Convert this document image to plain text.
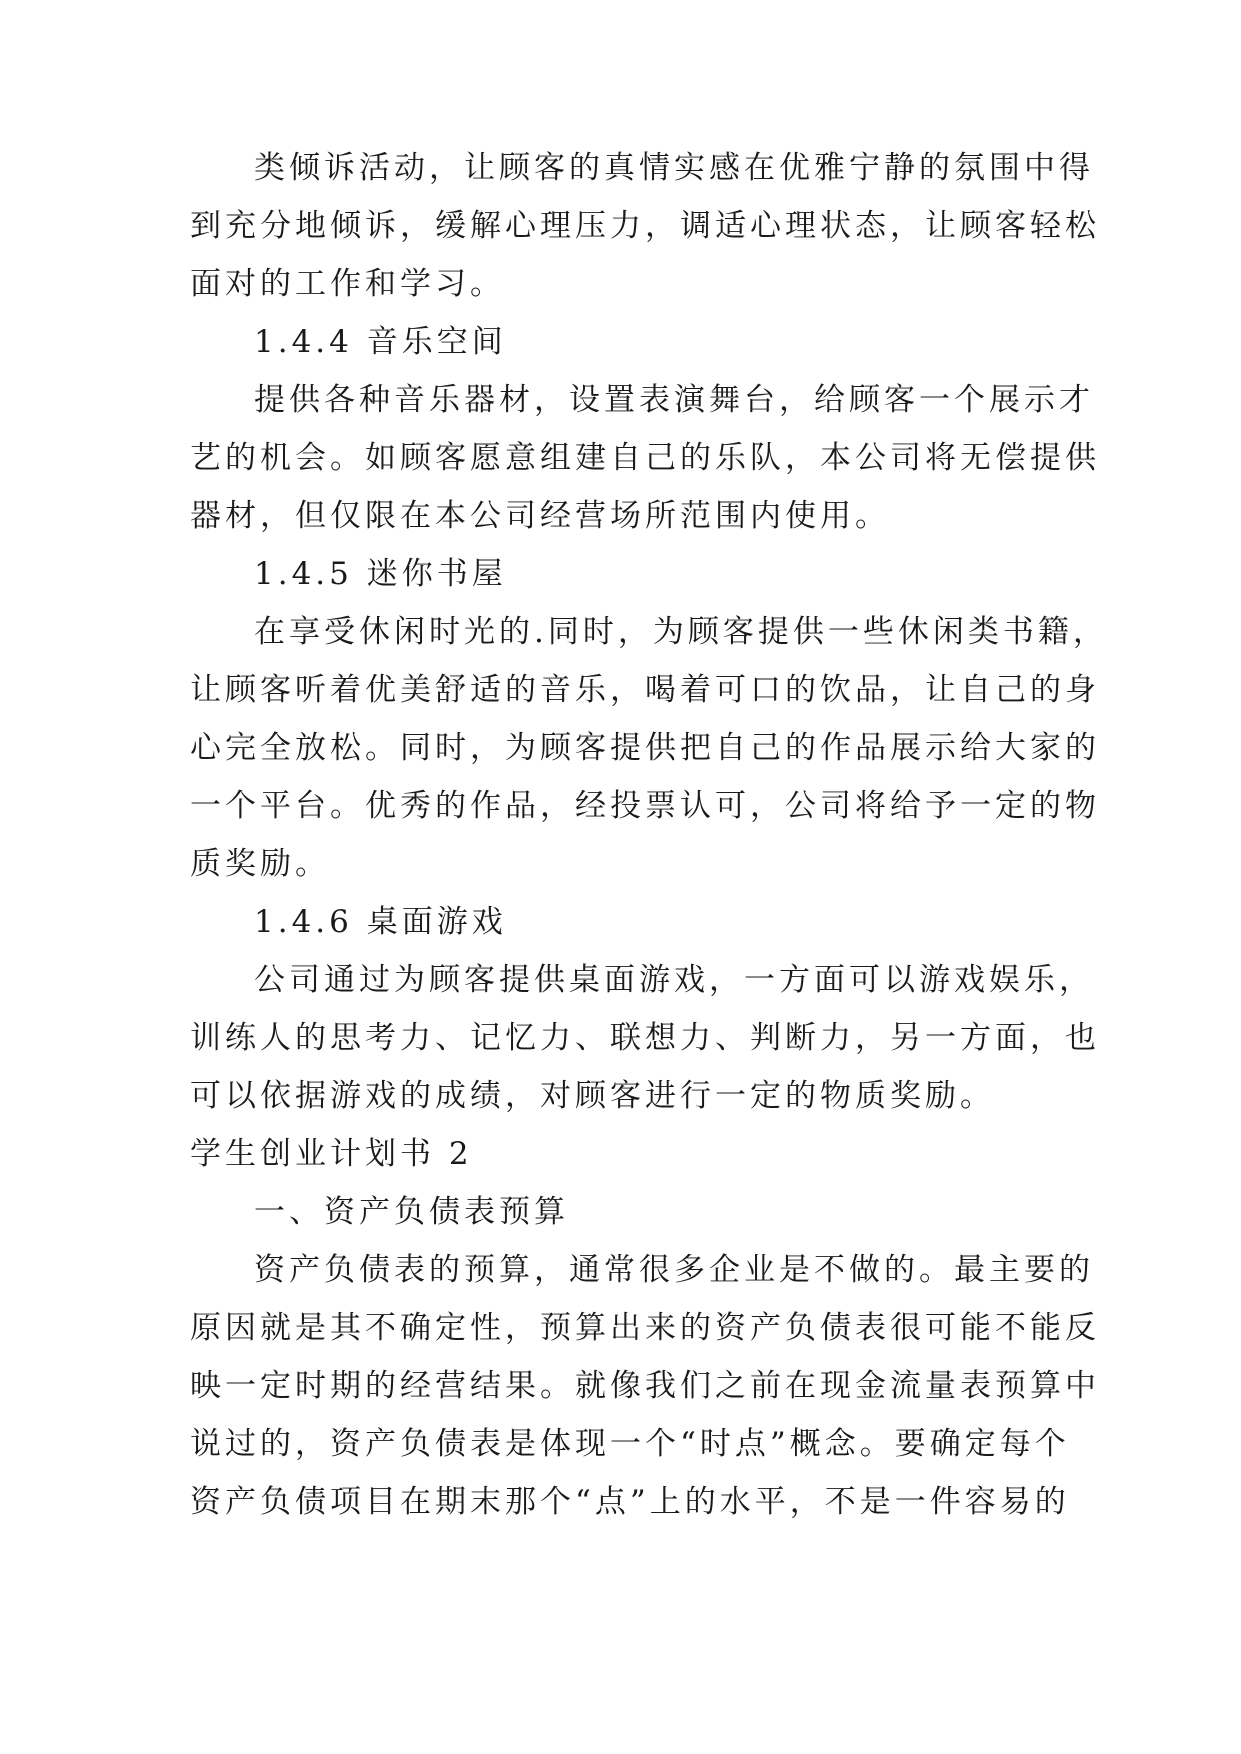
类倾诉活动，让顾客的真情实感在优雅宁静的氛围中得
到充分地倾诉，缓解心理压力，调适心理状态，让顾客轻松
面对的工作和学习。
1.4.4 音乐空间
提供各种音乐器材，设置表演舞台，给顾客一个展示才
艺的机会。如顾客愿意组建自己的乐队，本公司将无偿提供
器材，但仅限在本公司经营场所范围内使用。
1.4.5 迷你书屋
在享受休闲时光的.同时，为顾客提供一些休闲类书籍，
让顾客听着优美舒适的音乐，喝着可口的饮品，让自己的身
心完全放松。同时，为顾客提供把自己的作品展示给大家的
一个平台。优秀的作品，经投票认可，公司将给予一定的物
质奖励。
1.4.6 桌面游戏
公司通过为顾客提供桌面游戏，一方面可以游戏娱乐，
训练人的思考力、记忆力、联想力、判断力，另一方面，也
可以依据游戏的成绩，对顾客进行一定的物质奖励。
学生创业计划书 2
一、资产负债表预算
资产负债表的预算，通常很多企业是不做的。最主要的
原因就是其不确定性，预算出来的资产负债表很可能不能反
映一定时期的经营结果。就像我们之前在现金流量表预算中
说过的，资产负债表是体现一个“时点”概念。要确定每个
资产负债项目在期末那个“点”上的水平，不是一件容易的
